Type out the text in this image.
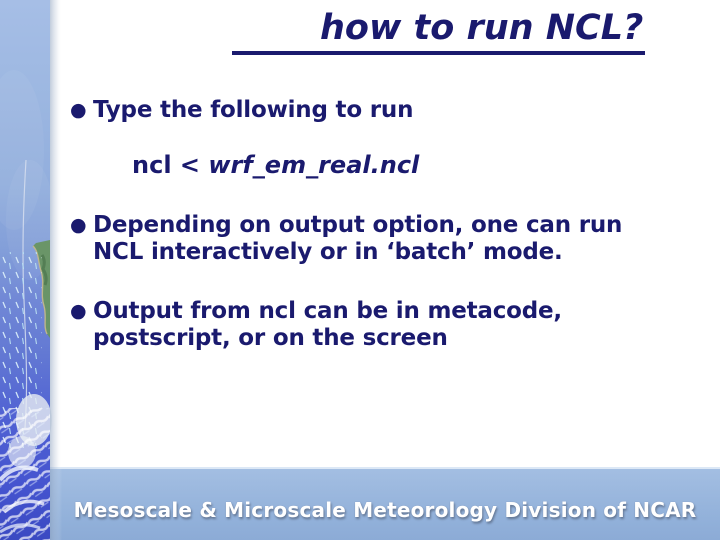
Mesoscale & Microscale Meteorology Division of NCAR
how to run NCL?
● Type the following to run
ncl < wrf_em_real.ncl
● Depending on output option, one can run
NCL interactively or in ‘batch’ mode.
● Output from ncl can be in metacode,
postscript, or on the screen
